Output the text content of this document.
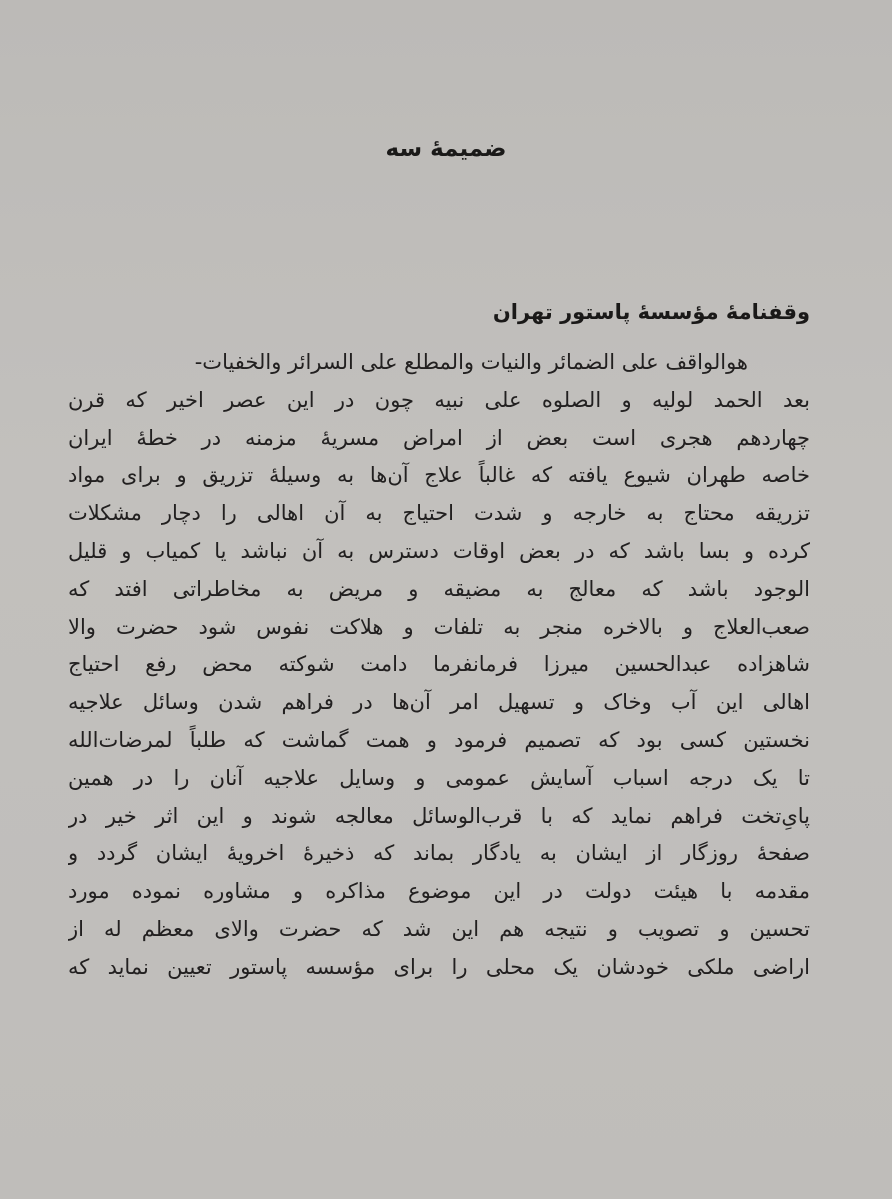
ضمیمهٔ سه
وقفنامهٔ مؤسسهٔ پاستور تهران
هوالواقف علی الضمائر والنیات والمطلع علی السرائر والخفیات-
بعد الحمد لولیه و الصلوه علی نبیه چون در این عصر اخیر که قرن
چهاردهم هجری است بعض از امراض مسریهٔ مزمنه در خطهٔ ایران
خاصه طهران شیوع یافته که غالباً علاج آن‌ها به وسیلهٔ تزریق و برای مواد
تزریقه محتاج به خارجه و شدت احتیاج به آن اهالی را دچار مشکلات
کرده و بسا باشد که در بعض اوقات دسترس به آن نباشد یا کمیاب و قلیل
الوجود باشد که معالج به مضیقه و مریض به مخاطراتی افتد که
صعب‌العلاج و بالاخره منجر به تلفات و هلاکت نفوس شود حضرت والا
شاهزاده عبدالحسین میرزا فرمانفرما دامت شوکته محض رفع احتیاج
اهالی این آب وخاک و تسهیل امر آن‌ها در فراهم شدن وسائل علاجیه
نخستین کسی بود که تصمیم فرمود و همت گماشت که طلباً لمرضات‌الله
تا یک درجه اسباب آسایش عمومی و وسایل علاجیه آنان را در همین
پایِ‌تخت فراهم نماید که با قرب‌الوسائل معالجه شوند و این اثر خیر در
صفحهٔ روزگار از ایشان به یادگار بماند که ذخیرهٔ اخرویهٔ ایشان گردد و
مقدمه با هیئت دولت در این موضوع مذاکره و مشاوره نموده مورد
تحسین و تصویب و نتیجه هم این شد که حضرت والای معظم له از
اراضی ملکی خودشان یک محلی را برای مؤسسه پاستور تعیین نماید که
